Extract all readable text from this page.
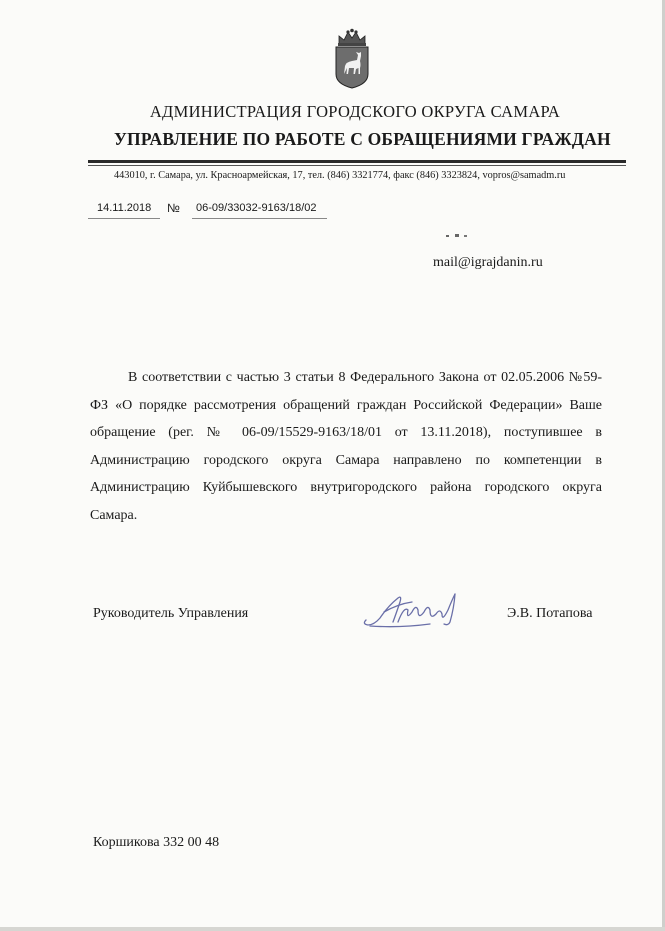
АДМИНИСТРАЦИЯ ГОРОДСКОГО ОКРУГА САМАРА
УПРАВЛЕНИЕ ПО РАБОТЕ С ОБРАЩЕНИЯМИ ГРАЖДАН
443010, г. Самара, ул. Красноармейская, 17, тел. (846) 3321774, факс (846) 3323824, vopros@samadm.ru
14.11.2018 № 06-09/33032-9163/18/02
mail@igrajdanin.ru
В соответствии с частью 3 статьи 8 Федерального Закона от 02.05.2006 №59-ФЗ «О порядке рассмотрения обращений граждан Российской Федерации» Ваше обращение (рег. № 06-09/15529-9163/18/01 от 13.11.2018), поступившее в Администрацию городского округа Самара направлено по компетенции в Администрацию Куйбышевского внутригородского района городского округа Самара.
Руководитель Управления	Э.В. Потапова
Коршикова 332 00 48
